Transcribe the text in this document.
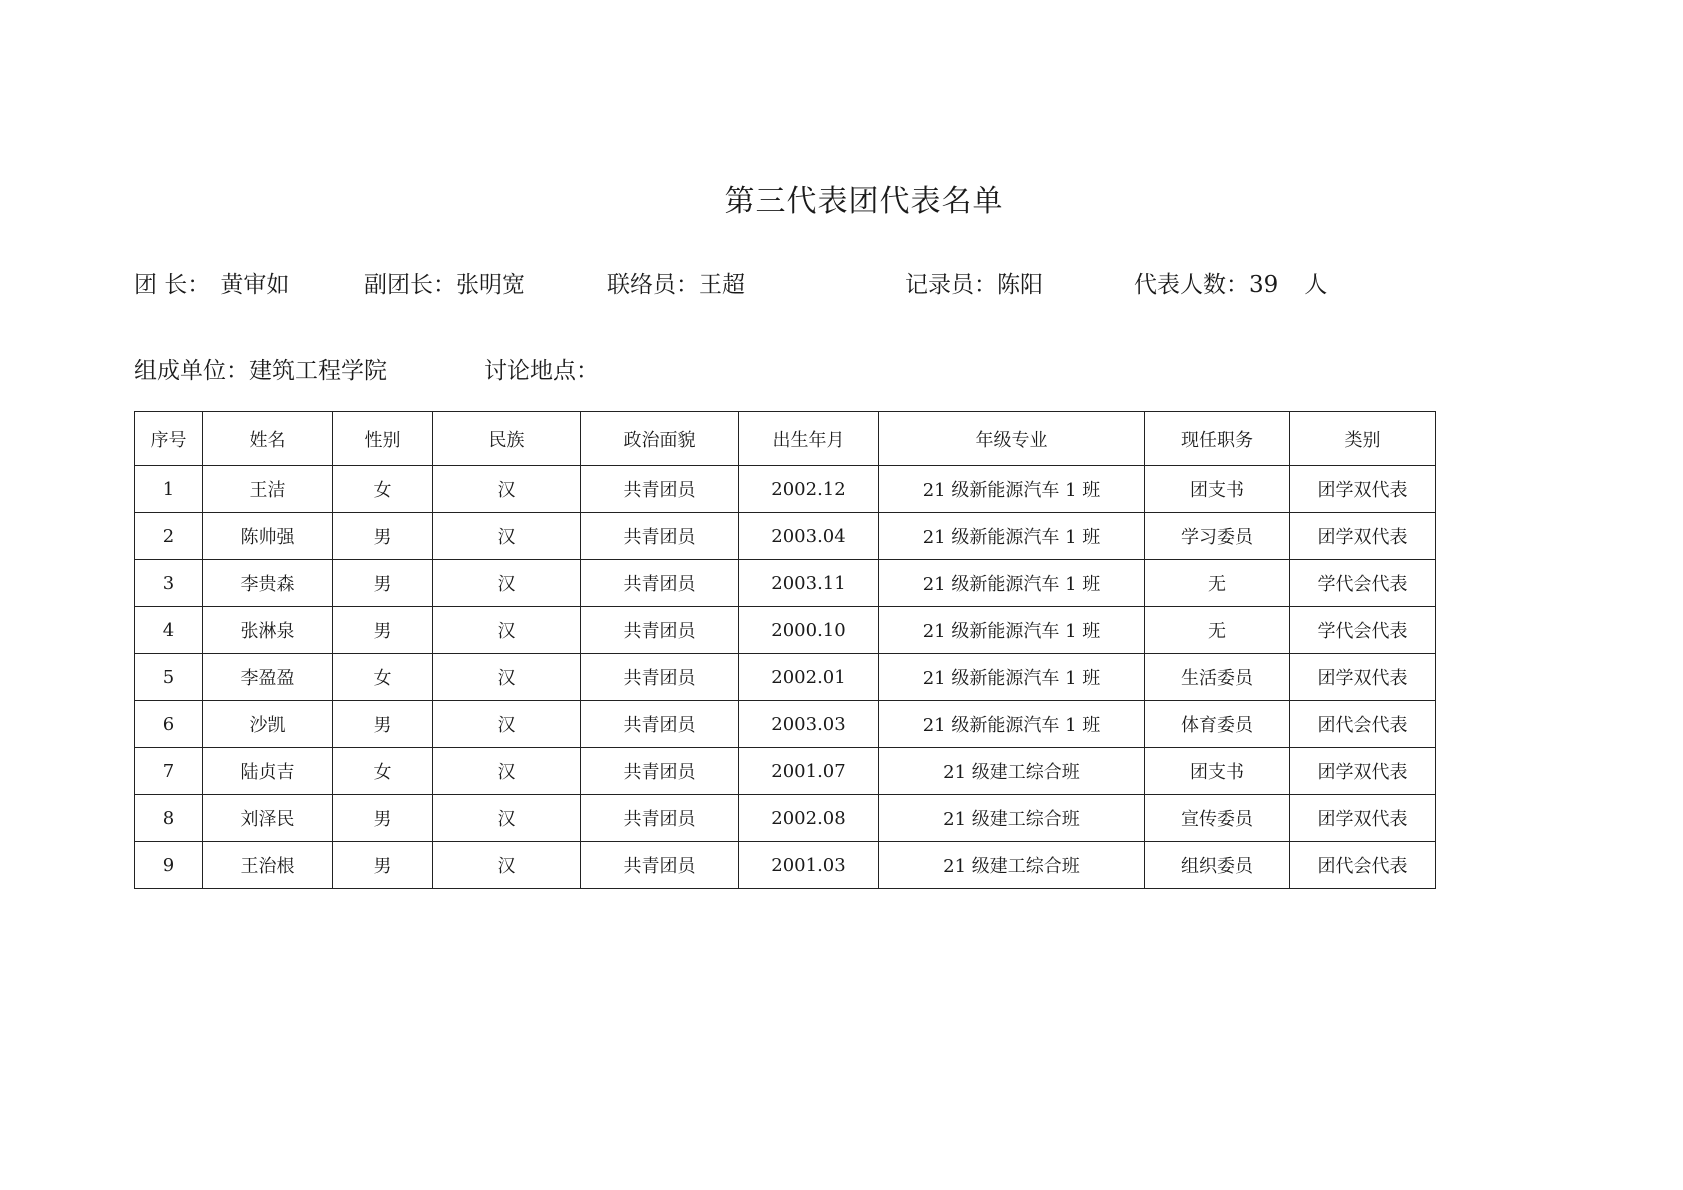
第三代表团代表名单
团 长： 黄审如	副团长：张明宽	联络员：王超	记录员：陈阳	代表人数：39 人
组成单位：建筑工程学院	讨论地点：
序号	姓名	性别	民族	政治面貌	出生年月	年级专业	现任职务	类别
1	王洁	女	汉	共青团员	2002.12	21 级新能源汽车 1 班	团支书	团学双代表
2	陈帅强	男	汉	共青团员	2003.04	21 级新能源汽车 1 班	学习委员	团学双代表
3	李贵森	男	汉	共青团员	2003.11	21 级新能源汽车 1 班	无	学代会代表
4	张淋泉	男	汉	共青团员	2000.10	21 级新能源汽车 1 班	无	学代会代表
5	李盈盈	女	汉	共青团员	2002.01	21 级新能源汽车 1 班	生活委员	团学双代表
6	沙凯	男	汉	共青团员	2003.03	21 级新能源汽车 1 班	体育委员	团代会代表
7	陆贞吉	女	汉	共青团员	2001.07	21 级建工综合班	团支书	团学双代表
8	刘泽民	男	汉	共青团员	2002.08	21 级建工综合班	宣传委员	团学双代表
9	王治根	男	汉	共青团员	2001.03	21 级建工综合班	组织委员	团代会代表
